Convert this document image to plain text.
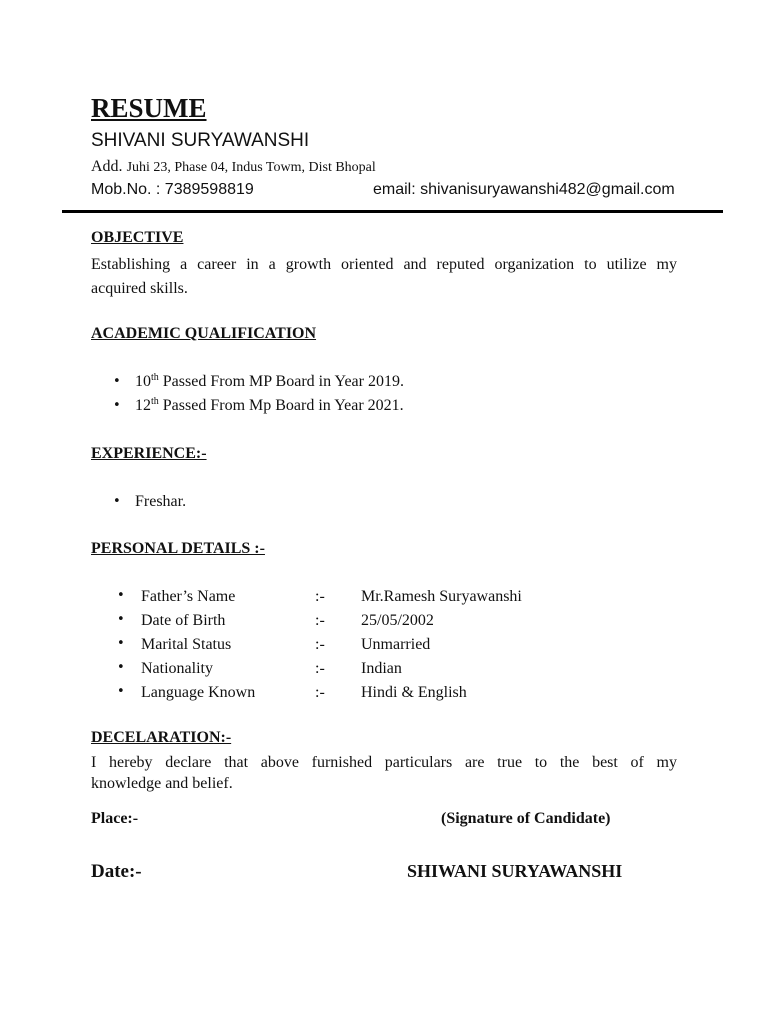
RESUME
SHIVANI SURYAWANSHI
Add. Juhi 23, Phase 04, Indus Towm, Dist Bhopal
Mob.No. : 7389598819	email: shivanisuryawanshi482@gmail.com
OBJECTIVE
Establishing a career in a growth oriented and reputed organization to utilize my
acquired skills.
ACADEMIC QUALIFICATION
10th Passed From MP Board in Year 2019.
12th Passed From Mp Board in Year 2021.
EXPERIENCE:-
Freshar.
PERSONAL DETAILS :-
• Father’s Name	:- Mr.Ramesh Suryawanshi
• Date of Birth	:- 25/05/2002
• Marital Status	:- Unmarried
• Nationality	:- Indian
• Language Known	:- Hindi & English
DECELARATION:-
I hereby declare that above furnished particulars are true to the best of my
knowledge and belief.
Place:-	(Signature of Candidate)
Date:-	SHIWANI SURYAWANSHI
